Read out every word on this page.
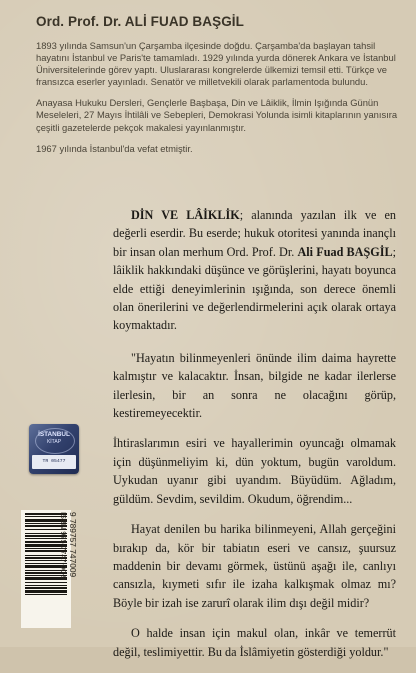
Ord. Prof. Dr. ALİ FUAD BAŞGİL

1893 yılında Samsun'un Çarşamba ilçesinde doğdu. Çarşamba'da başlayan tahsil hayatını İstanbul ve Paris'te tamamladı. 1929 yılında yurda dönerek Ankara ve İstanbul Üniversitelerinde görev yaptı. Uluslararası kongrelerde ülkemizi temsil etti. Türkçe ve fransızca eserler yayınladı. Senatör ve milletvekili olarak parlamentoda bulundu.

Anayasa Hukuku Dersleri, Gençlerle Başbaşa, Din ve Lâiklik, İlmin Işığında Günün Meseleleri, 27 Mayıs İhtilâli ve Sebepleri, Demokrasi Yolunda isimli kitaplarının yanısıra çeşitli gazetelerde pekçok makalesi yayınlanmıştır.

1967 yılında İstanbul'da vefat etmiştir.

DİN VE LÂİKLİK; alanında yazılan ilk ve en değerli eserdir. Bu eserde; hukuk otoritesi yanında inançlı bir insan olan merhum Ord. Prof. Dr. Ali Fuad BAŞGİL; lâiklik hakkındaki düşünce ve görüşlerini, hayatı boyunca elde ettiği deneyimlerinin ışığında, son derece önemli olan önerilerini ve değerlendirmelerini açık olarak ortaya koymaktadır.

"Hayatın bilinmeyenleri önünde ilim daima hayrette kalmıştır ve kalacaktır. İnsan, bilgide ne kadar ilerlerse ilerlesin, bir an sonra ne olacağını görüp, kestiremeyecektir.

İhtiraslarımın esiri ve hayallerimin oyuncağı olmamak için düşünmeliyim ki, dün yoktum, bugün varoldum. Uykudan uyanır gibi uyandım. Büyüdüm. Ağladım, güldüm. Sevdim, sevildim. Okudum, öğrendim...

Hayat denilen bu harika bilinmeyeni, Allah gerçeğini bırakıp da, kör bir tabiatın eseri ve cansız, şuursuz maddenin bir devamı görmek, üstünü aşağı ile, canlıyı cansızla, kıymeti sıfır ile izaha kalkışmak olmaz mı? Böyle bir izah ise zarurî olarak ilim dışı değil midir?

O halde insan için makul olan, inkâr ve temerrüt değil, teslimiyettir. Bu da İslâmiyetin gösterdiği yoldur."

İSTANBUL
KİTAP
TR 05477
ISBN 975-7747-00-9 9 789757 747009
